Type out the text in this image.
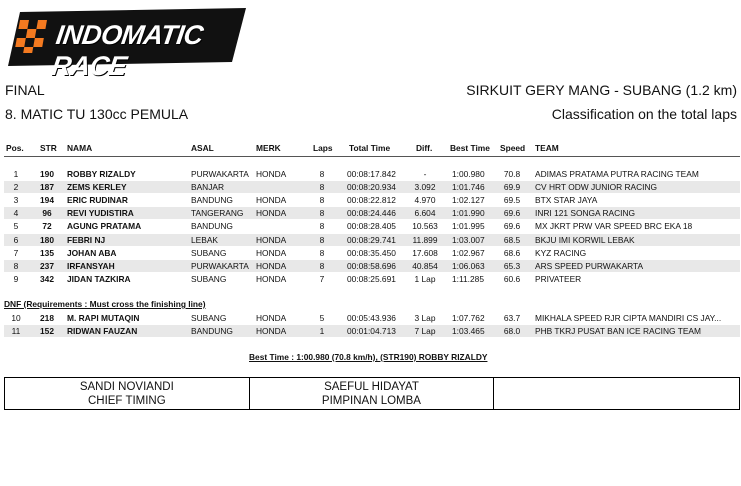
INDOMATIC RACE
FINAL
8. MATIC TU 130cc PEMULA
SIRKUIT GERY MANG - SUBANG (1.2 km)
Classification on the total laps
Pos. STR NAMA	ASAL	MERK	Laps Total Time	Diff. Best Time Speed TEAM
1	190	ROBBY RIZALDY	PURWAKARTA HONDA	8	00:08:17.842	-	1:00.980	70.8	ADIMAS PRATAMA PUTRA RACING TEAM
2	187	ZEMS KERLEY	BANJAR	8	00:08:20.934	3.092	1:01.746	69.9	CV HRT ODW JUNIOR RACING
3	194	ERIC RUDINAR	BANDUNG	HONDA	8	00:08:22.812	4.970	1:02.127	69.5	BTX STAR JAYA
4	96	REVI YUDISTIRA	TANGERANG	HONDA	8	00:08:24.446	6.604	1:01.990	69.6	INRI 121 SONGA RACING
5	72	AGUNG PRATAMA	BANDUNG	8	00:08:28.405	10.563 1:01.995	69.6	MX JKRT PRW VAR SPEED BRC EKA 18
6	180	FEBRI NJ	LEBAK	HONDA	8	00:08:29.741	11.899 1:03.007	68.5	BKJU IMI KORWIL LEBAK
7	135	JOHAN ABA	SUBANG	HONDA	8	00:08:35.450	17.608 1:02.967	68.6	KYZ RACING
8	237	IRFANSYAH	PURWAKARTA HONDA	8	00:08:58.696	40.854 1:06.063	65.3	ARS SPEED PURWAKARTA
9	342	JIDAN TAZKIRA	SUBANG	HONDA	7	00:08:25.691	1 Lap	1:11.285	60.6	PRIVATEER
DNF (Requirements : Must cross the finishing line)
10	218	M. RAPI MUTAQIN	SUBANG	HONDA	5	00:05:43.936	3 Lap	1:07.762	63.7	MIKHALA SPEED RJR CIPTA MANDIRI CS JAY...
11	152	RIDWAN FAUZAN	BANDUNG	HONDA	1	00:01:04.713	7 Lap	1:03.465	68.0	PHB TKRJ PUSAT BAN ICE RACING TEAM
Best Time : 1:00.980 (70.8 km/h), (STR190) ROBBY RIZALDY
SANDI NOVIANDI
CHIEF TIMING
SAEFUL HIDAYAT
PIMPINAN LOMBA
